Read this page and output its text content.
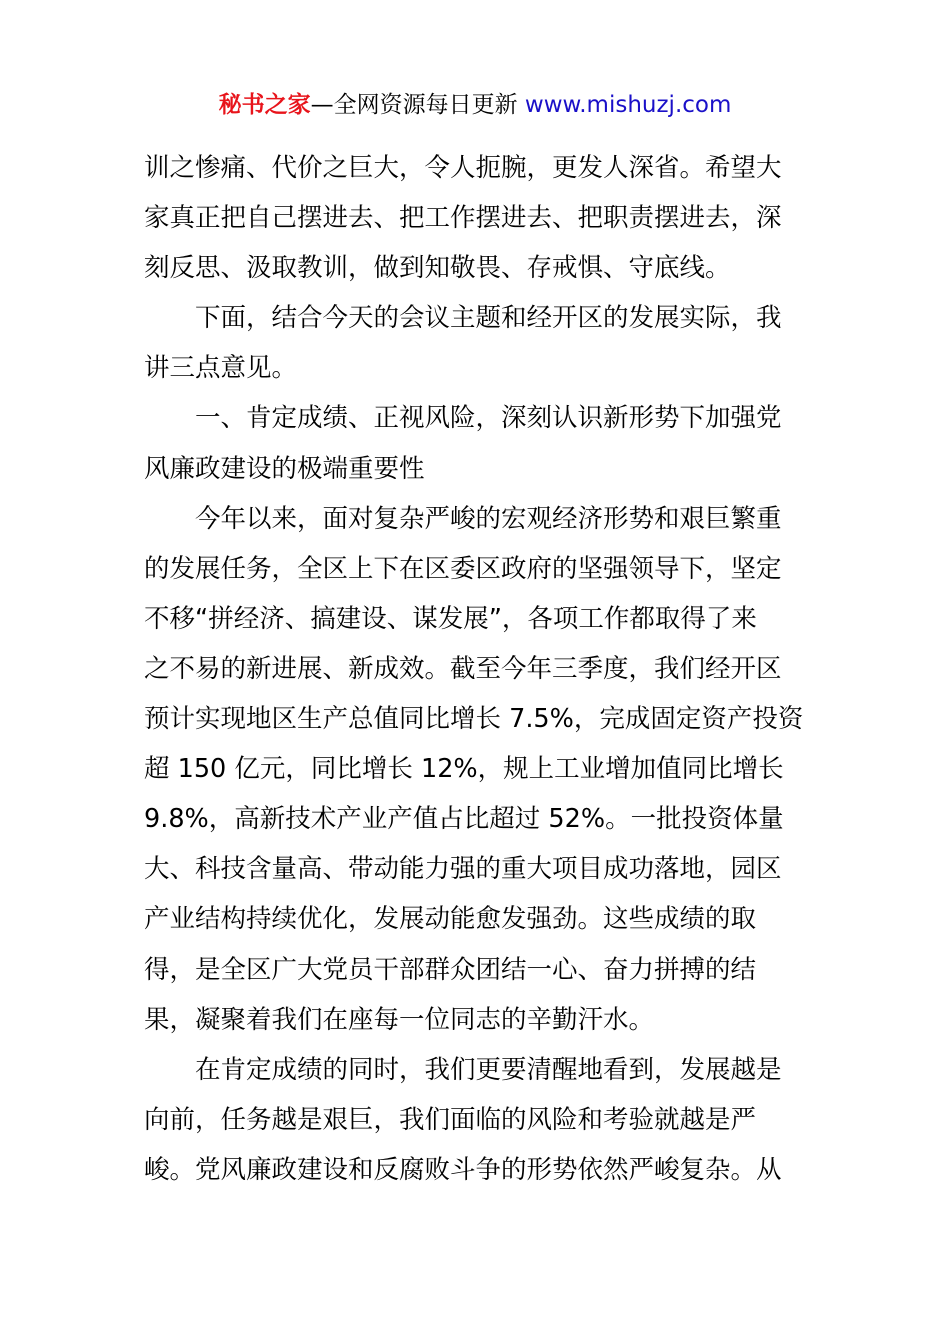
秘书之家—全网资源每日更新 www.mishuzj.com
训之惨痛、代价之巨大，令人扼腕，更发人深省。希望大
家真正把自己摆进去、把工作摆进去、把职责摆进去，深
刻反思、汲取教训，做到知敬畏、存戒惧、守底线。
下面，结合今天的会议主题和经开区的发展实际，我
讲三点意见。
一、肯定成绩、正视风险，深刻认识新形势下加强党
风廉政建设的极端重要性
今年以来，面对复杂严峻的宏观经济形势和艰巨繁重
的发展任务，全区上下在区委区政府的坚强领导下，坚定
不移“拼经济、搞建设、谋发展”，各项工作都取得了来
之不易的新进展、新成效。截至今年三季度，我们经开区
预计实现地区生产总值同比增长 7.5%，完成固定资产投资
超 150 亿元，同比增长 12%，规上工业增加值同比增长
9.8%，高新技术产业产值占比超过 52%。一批投资体量
大、科技含量高、带动能力强的重大项目成功落地，园区
产业结构持续优化，发展动能愈发强劲。这些成绩的取
得，是全区广大党员干部群众团结一心、奋力拼搏的结
果，凝聚着我们在座每一位同志的辛勤汗水。
在肯定成绩的同时，我们更要清醒地看到，发展越是
向前，任务越是艰巨，我们面临的风险和考验就越是严
峻。党风廉政建设和反腐败斗争的形势依然严峻复杂。从
